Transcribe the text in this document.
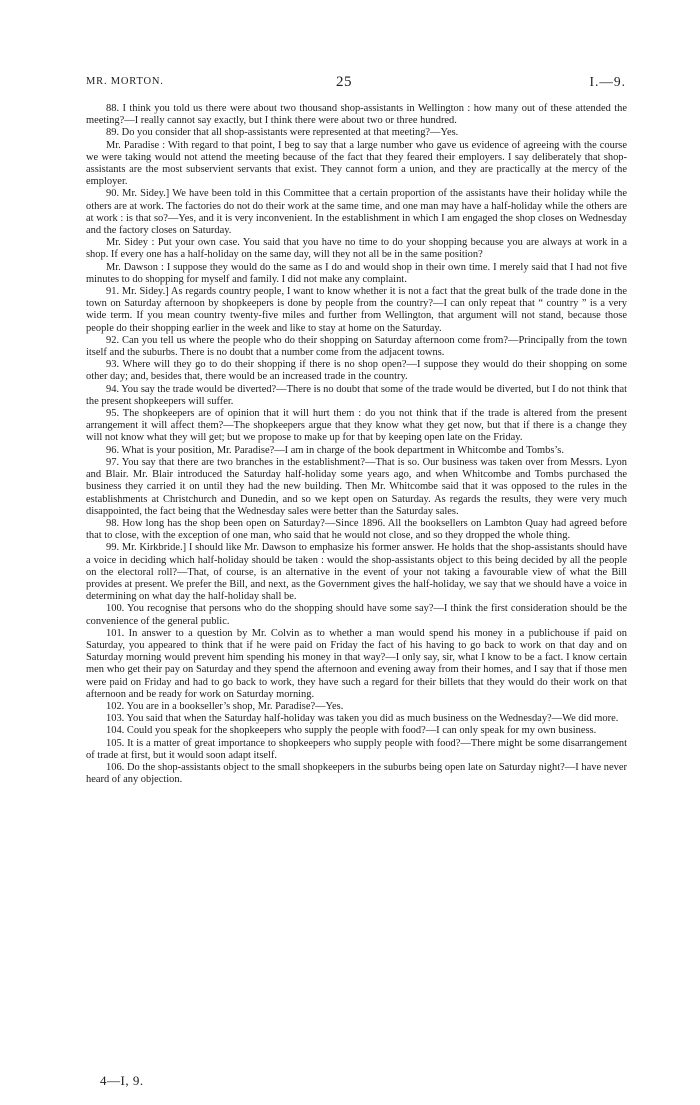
MR. MORTON.	25	I.—9.

88. I think you told us there were about two thousand shop-assistants in Wellington : how many out of these attended the meeting?—I really cannot say exactly, but I think there were about two or three hundred.

89. Do you consider that all shop-assistants were represented at that meeting?—Yes.

Mr. Paradise : With regard to that point, I beg to say that a large number who gave us evidence of agreeing with the course we were taking would not attend the meeting because of the fact that they feared their employers. I say deliberately that shop-assistants are the most subservient servants that exist. They cannot form a union, and they are practically at the mercy of the employer.

90. Mr. Sidey.] We have been told in this Committee that a certain proportion of the assistants have their holiday while the others are at work. The factories do not do their work at the same time, and one man may have a half-holiday while the others are at work : is that so?—Yes, and it is very inconvenient. In the establishment in which I am engaged the shop closes on Wednesday and the factory closes on Saturday.

Mr. Sidey : Put your own case. You said that you have no time to do your shopping because you are always at work in a shop. If every one has a half-holiday on the same day, will they not all be in the same position?

Mr. Dawson : I suppose they would do the same as I do and would shop in their own time. I merely said that I had not five minutes to do shopping for myself and family. I did not make any complaint.

91. Mr. Sidey.] As regards country people, I want to know whether it is not a fact that the great bulk of the trade done in the town on Saturday afternoon by shopkeepers is done by people from the country?—I can only repeat that “ country ” is a very wide term. If you mean country twenty-five miles and further from Wellington, that argument will not stand, because those people do their shopping earlier in the week and like to stay at home on the Saturday.

92. Can you tell us where the people who do their shopping on Saturday afternoon come from?—Principally from the town itself and the suburbs. There is no doubt that a number come from the adjacent towns.

93. Where will they go to do their shopping if there is no shop open?—I suppose they would do their shopping on some other day; and, besides that, there would be an increased trade in the country.

94. You say the trade would be diverted?—There is no doubt that some of the trade would be diverted, but I do not think that the present shopkeepers will suffer.

95. The shopkeepers are of opinion that it will hurt them : do you not think that if the trade is altered from the present arrangement it will affect them?—The shopkeepers argue that they know what they get now, but that if there is a change they will not know what they will get; but we propose to make up for that by keeping open late on the Friday.

96. What is your position, Mr. Paradise?—I am in charge of the book department in Whitcombe and Tombs’s.

97. You say that there are two branches in the establishment?—That is so. Our business was taken over from Messrs. Lyon and Blair. Mr. Blair introduced the Saturday half-holiday some years ago, and when Whitcombe and Tombs purchased the business they carried it on until they had the new building. Then Mr. Whitcombe said that it was opposed to the rules in the establishments at Christchurch and Dunedin, and so we kept open on Saturday. As regards the results, they were very much disappointed, the fact being that the Wednesday sales were better than the Saturday sales.

98. How long has the shop been open on Saturday?—Since 1896. All the booksellers on Lambton Quay had agreed before that to close, with the exception of one man, who said that he would not close, and so they dropped the whole thing.

99. Mr. Kirkbride.] I should like Mr. Dawson to emphasize his former answer. He holds that the shop-assistants should have a voice in deciding which half-holiday should be taken : would the shop-assistants object to this being decided by all the people on the electoral roll?—That, of course, is an alternative in the event of your not taking a favourable view of what the Bill provides at present. We prefer the Bill, and next, as the Government gives the half-holiday, we say that we should have a voice in determining on what day the half-holiday shall be.

100. You recognise that persons who do the shopping should have some say?—I think the first consideration should be the convenience of the general public.

101. In answer to a question by Mr. Colvin as to whether a man would spend his money in a publichouse if paid on Saturday, you appeared to think that if he were paid on Friday the fact of his having to go back to work on that day and on Saturday morning would prevent him spending his money in that way?—I only say, sir, what I know to be a fact. I know certain men who get their pay on Saturday and they spend the afternoon and evening away from their homes, and I say that if those men were paid on Friday and had to go back to work, they have such a regard for their billets that they would do their work on that afternoon and be ready for work on Saturday morning.

102. You are in a bookseller’s shop, Mr. Paradise?—Yes.

103. You said that when the Saturday half-holiday was taken you did as much business on the Wednesday?—We did more.

104. Could you speak for the shopkeepers who supply the people with food?—I can only speak for my own business.

105. It is a matter of great importance to shopkeepers who supply people with food?—There might be some disarrangement of trade at first, but it would soon adapt itself.

106. Do the shop-assistants object to the small shopkeepers in the suburbs being open late on Saturday night?—I have never heard of any objection.

4—I, 9.
